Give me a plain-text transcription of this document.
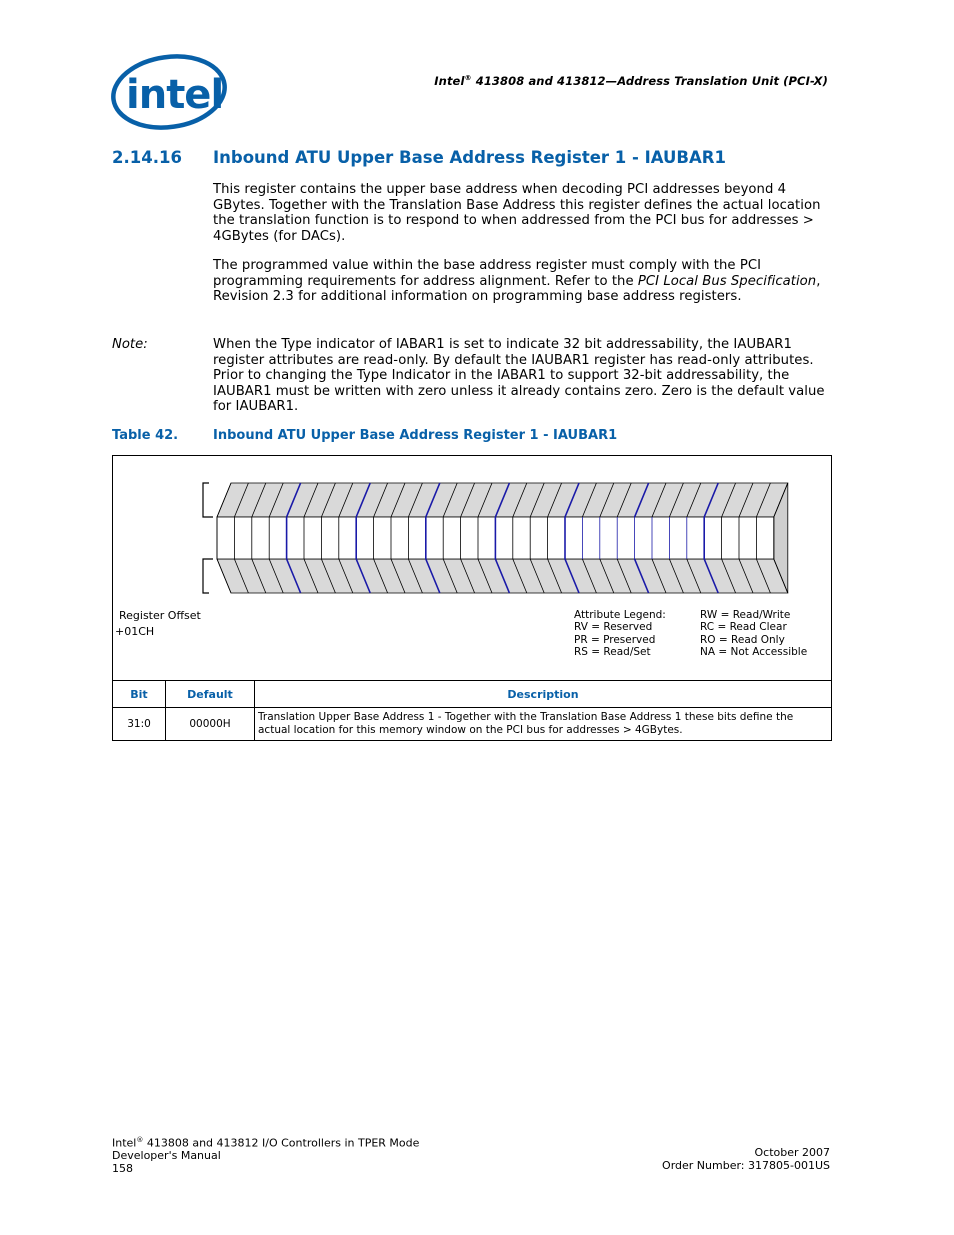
intel	Intel® 413808 and 413812—Address Translation Unit (PCI-X)
2.14.16 Inbound ATU Upper Base Address Register 1 - IAUBAR1
This register contains the upper base address when decoding PCI addresses beyond 4 GBytes. Together with the Translation Base Address this register defines the actual location the translation function is to respond to when addressed from the PCI bus for addresses > 4GBytes (for DACs).
The programmed value within the base address register must comply with the PCI programming requirements for address alignment. Refer to the PCI Local Bus Specification, Revision 2.3 for additional information on programming base address registers.
Note:	When the Type indicator of IABAR1 is set to indicate 32 bit addressability, the IAUBAR1 register attributes are read-only. By default the IAUBAR1 register has read-only attributes. Prior to changing the Type Indicator in the IABAR1 to support 32-bit addressability, the IAUBAR1 must be written with zero unless it already contains zero. Zero is the default value for IAUBAR1.
Table 42.	Inbound ATU Upper Base Address Register 1 - IAUBAR1
Register Offset
+01CH
Attribute Legend:
RV = Reserved
PR = Preserved
RS = Read/Set
RW = Read/Write
RC = Read Clear
RO = Read Only
NA = Not Accessible
Bit	Default	Description
31:0	00000H	Translation Upper Base Address 1 - Together with the Translation Base Address 1 these bits define the actual location for this memory window on the PCI bus for addresses > 4GBytes.
Intel® 413808 and 413812 I/O Controllers in TPER Mode
Developer's Manual
158
October 2007
Order Number: 317805-001US
